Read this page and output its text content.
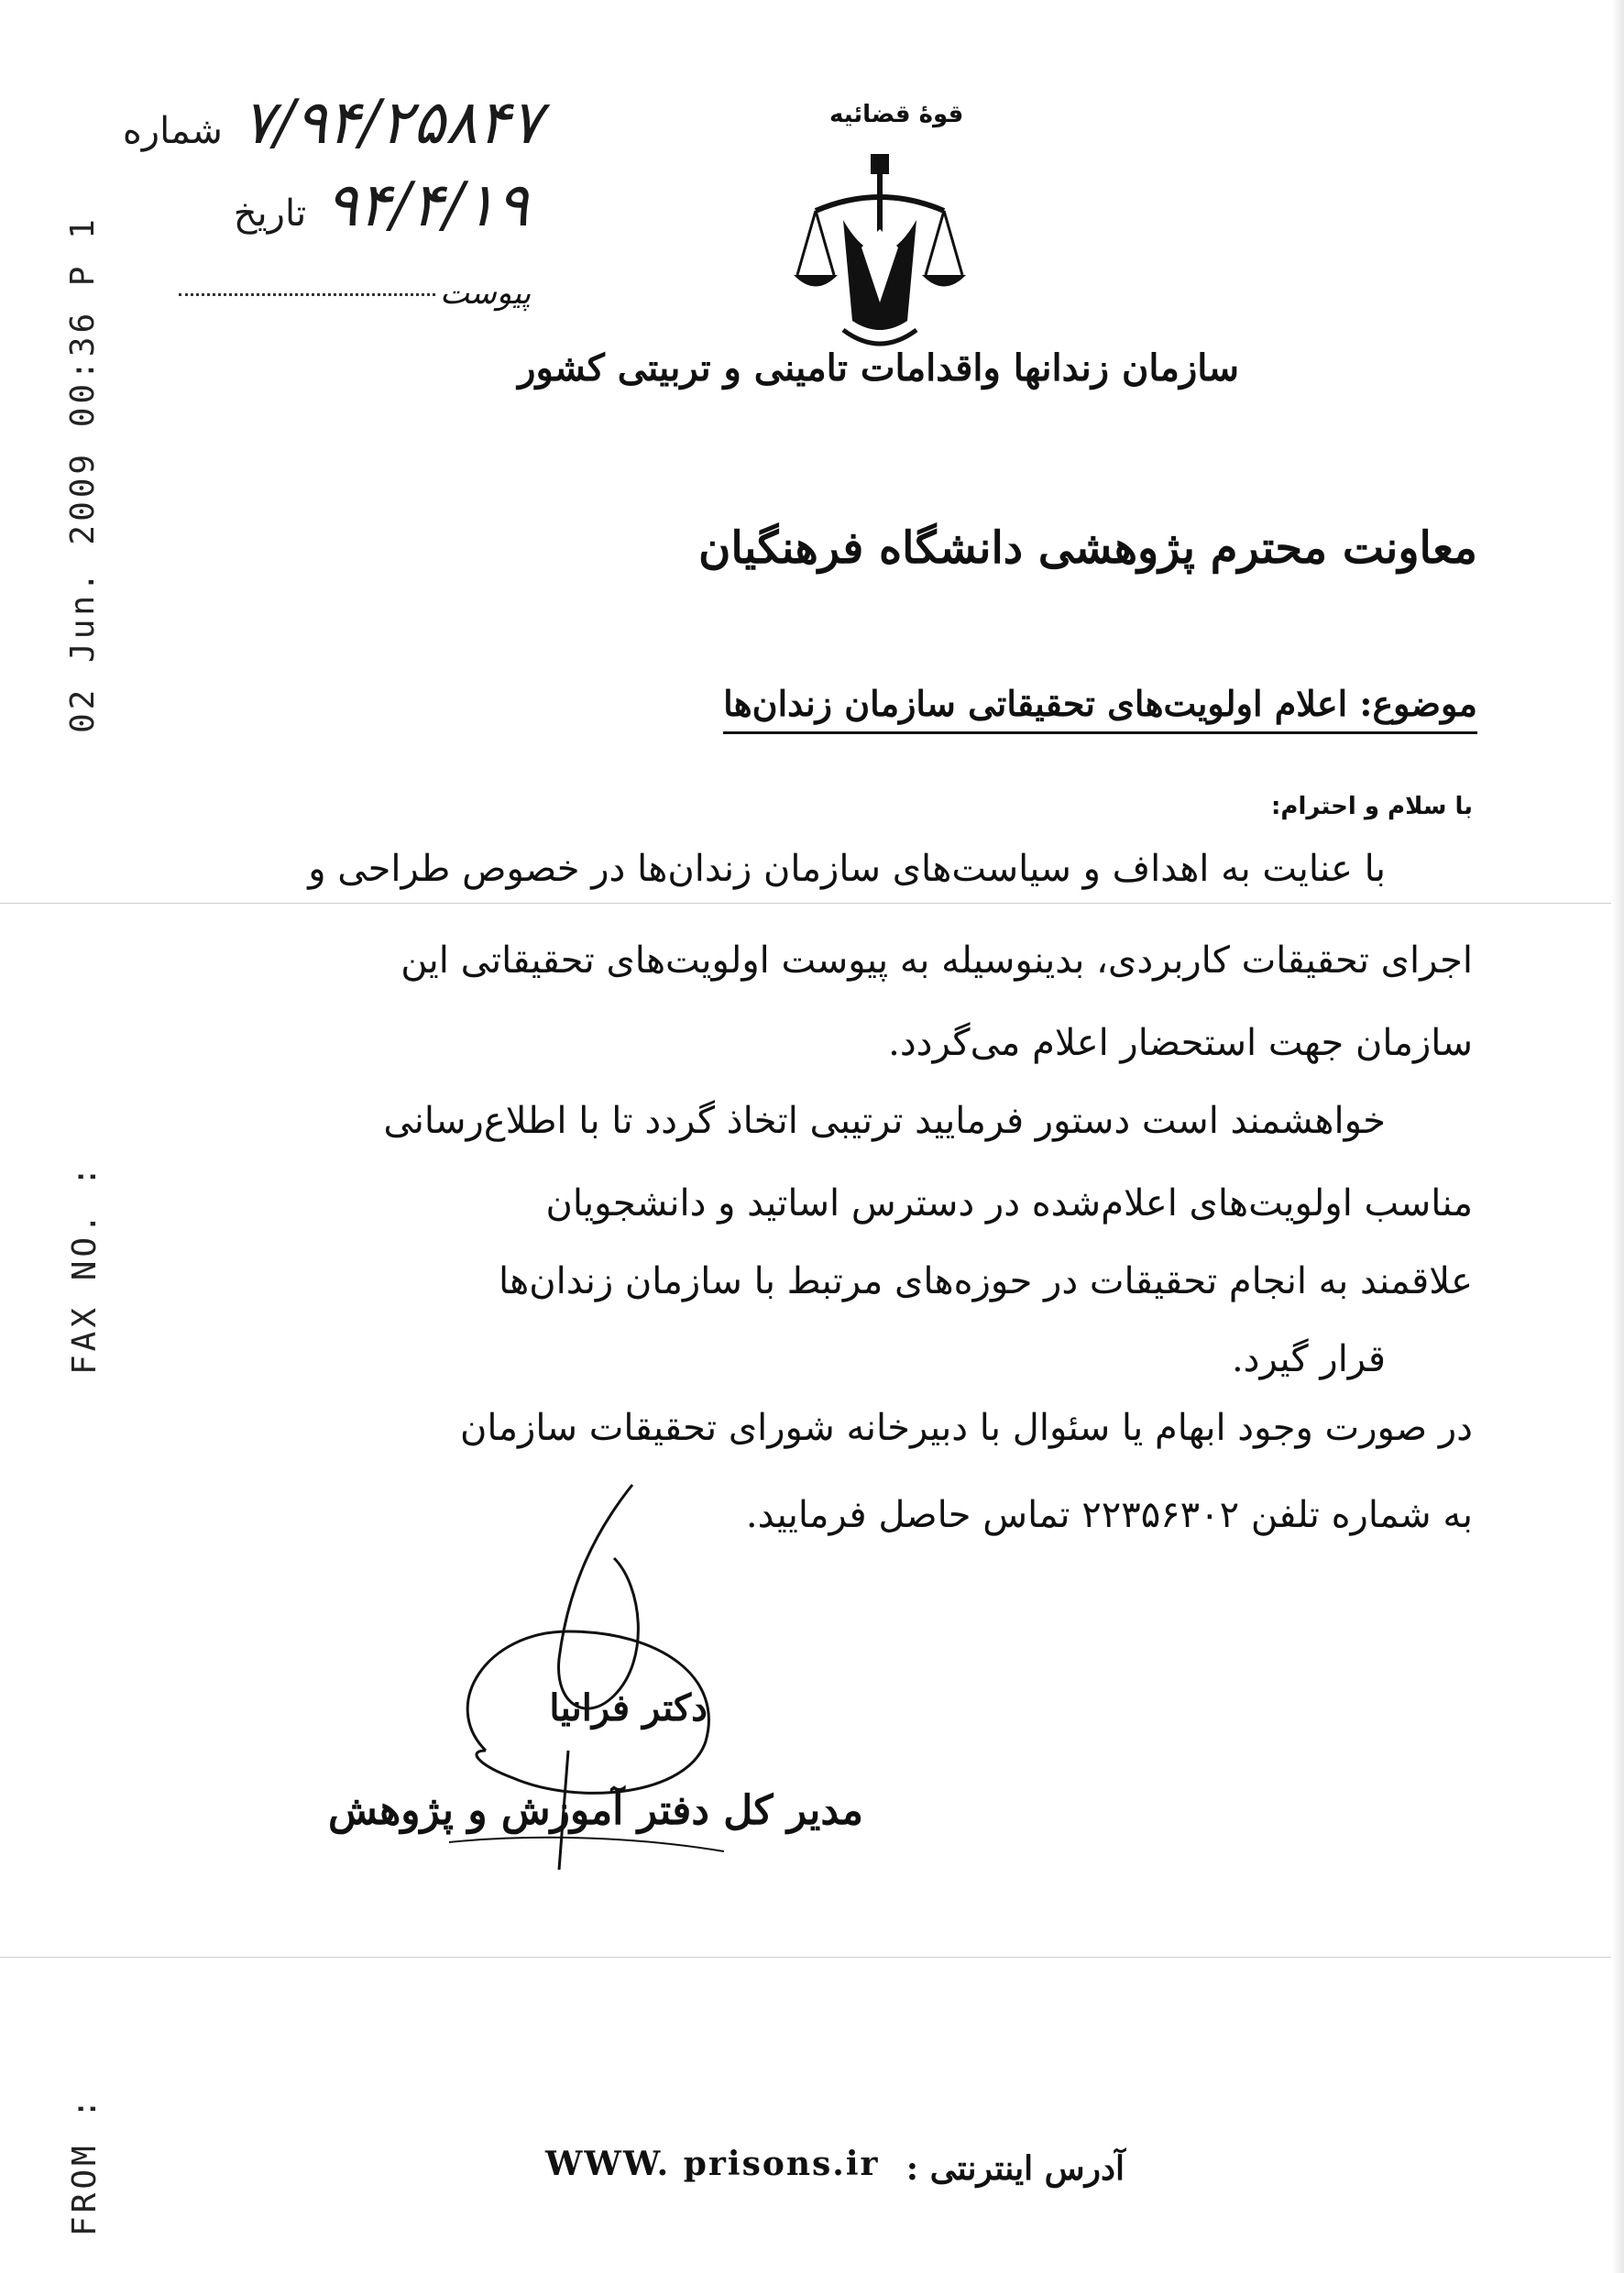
02 Jun. 2009 00:36 P 1
FAX NO. :
FROM :
۷/۹۴/۲۵۸۴۷ شماره
۹۴/۴/۱۹ تاریخ
پیوست
قوهٔ قضائیه
سازمان زندانها واقدامات تامینی و تربیتی کشور
معاونت محترم پژوهشی دانشگاه فرهنگیان
موضوع: اعلام اولویت‌های تحقیقاتی سازمان زندان‌ها
با سلام و احترام:
با عنایت به اهداف و سیاست‌های سازمان زندان‌ها در خصوص طراحی و
اجرای تحقیقات کاربردی، بدینوسیله به پیوست اولویت‌های تحقیقاتی این
سازمان جهت استحضار اعلام می‌گردد.
خواهشمند است دستور فرمایید ترتیبی اتخاذ گردد تا با اطلاع‌رسانی
مناسب اولویت‌های اعلام‌شده در دسترس اساتید و دانشجویان
علاقمند به انجام تحقیقات در حوزه‌های مرتبط با سازمان زندان‌ها
قرار گیرد.
در صورت وجود ابهام یا سئوال با دبیرخانه شورای تحقیقات سازمان
به شماره تلفن ۲۲۳۵۶۳۰۲ تماس حاصل فرمایید.
دکتر فرانیا
مدیر کل دفتر آموزش و پژوهش
آدرس اینترنتی :
WWW. prisons.ir
